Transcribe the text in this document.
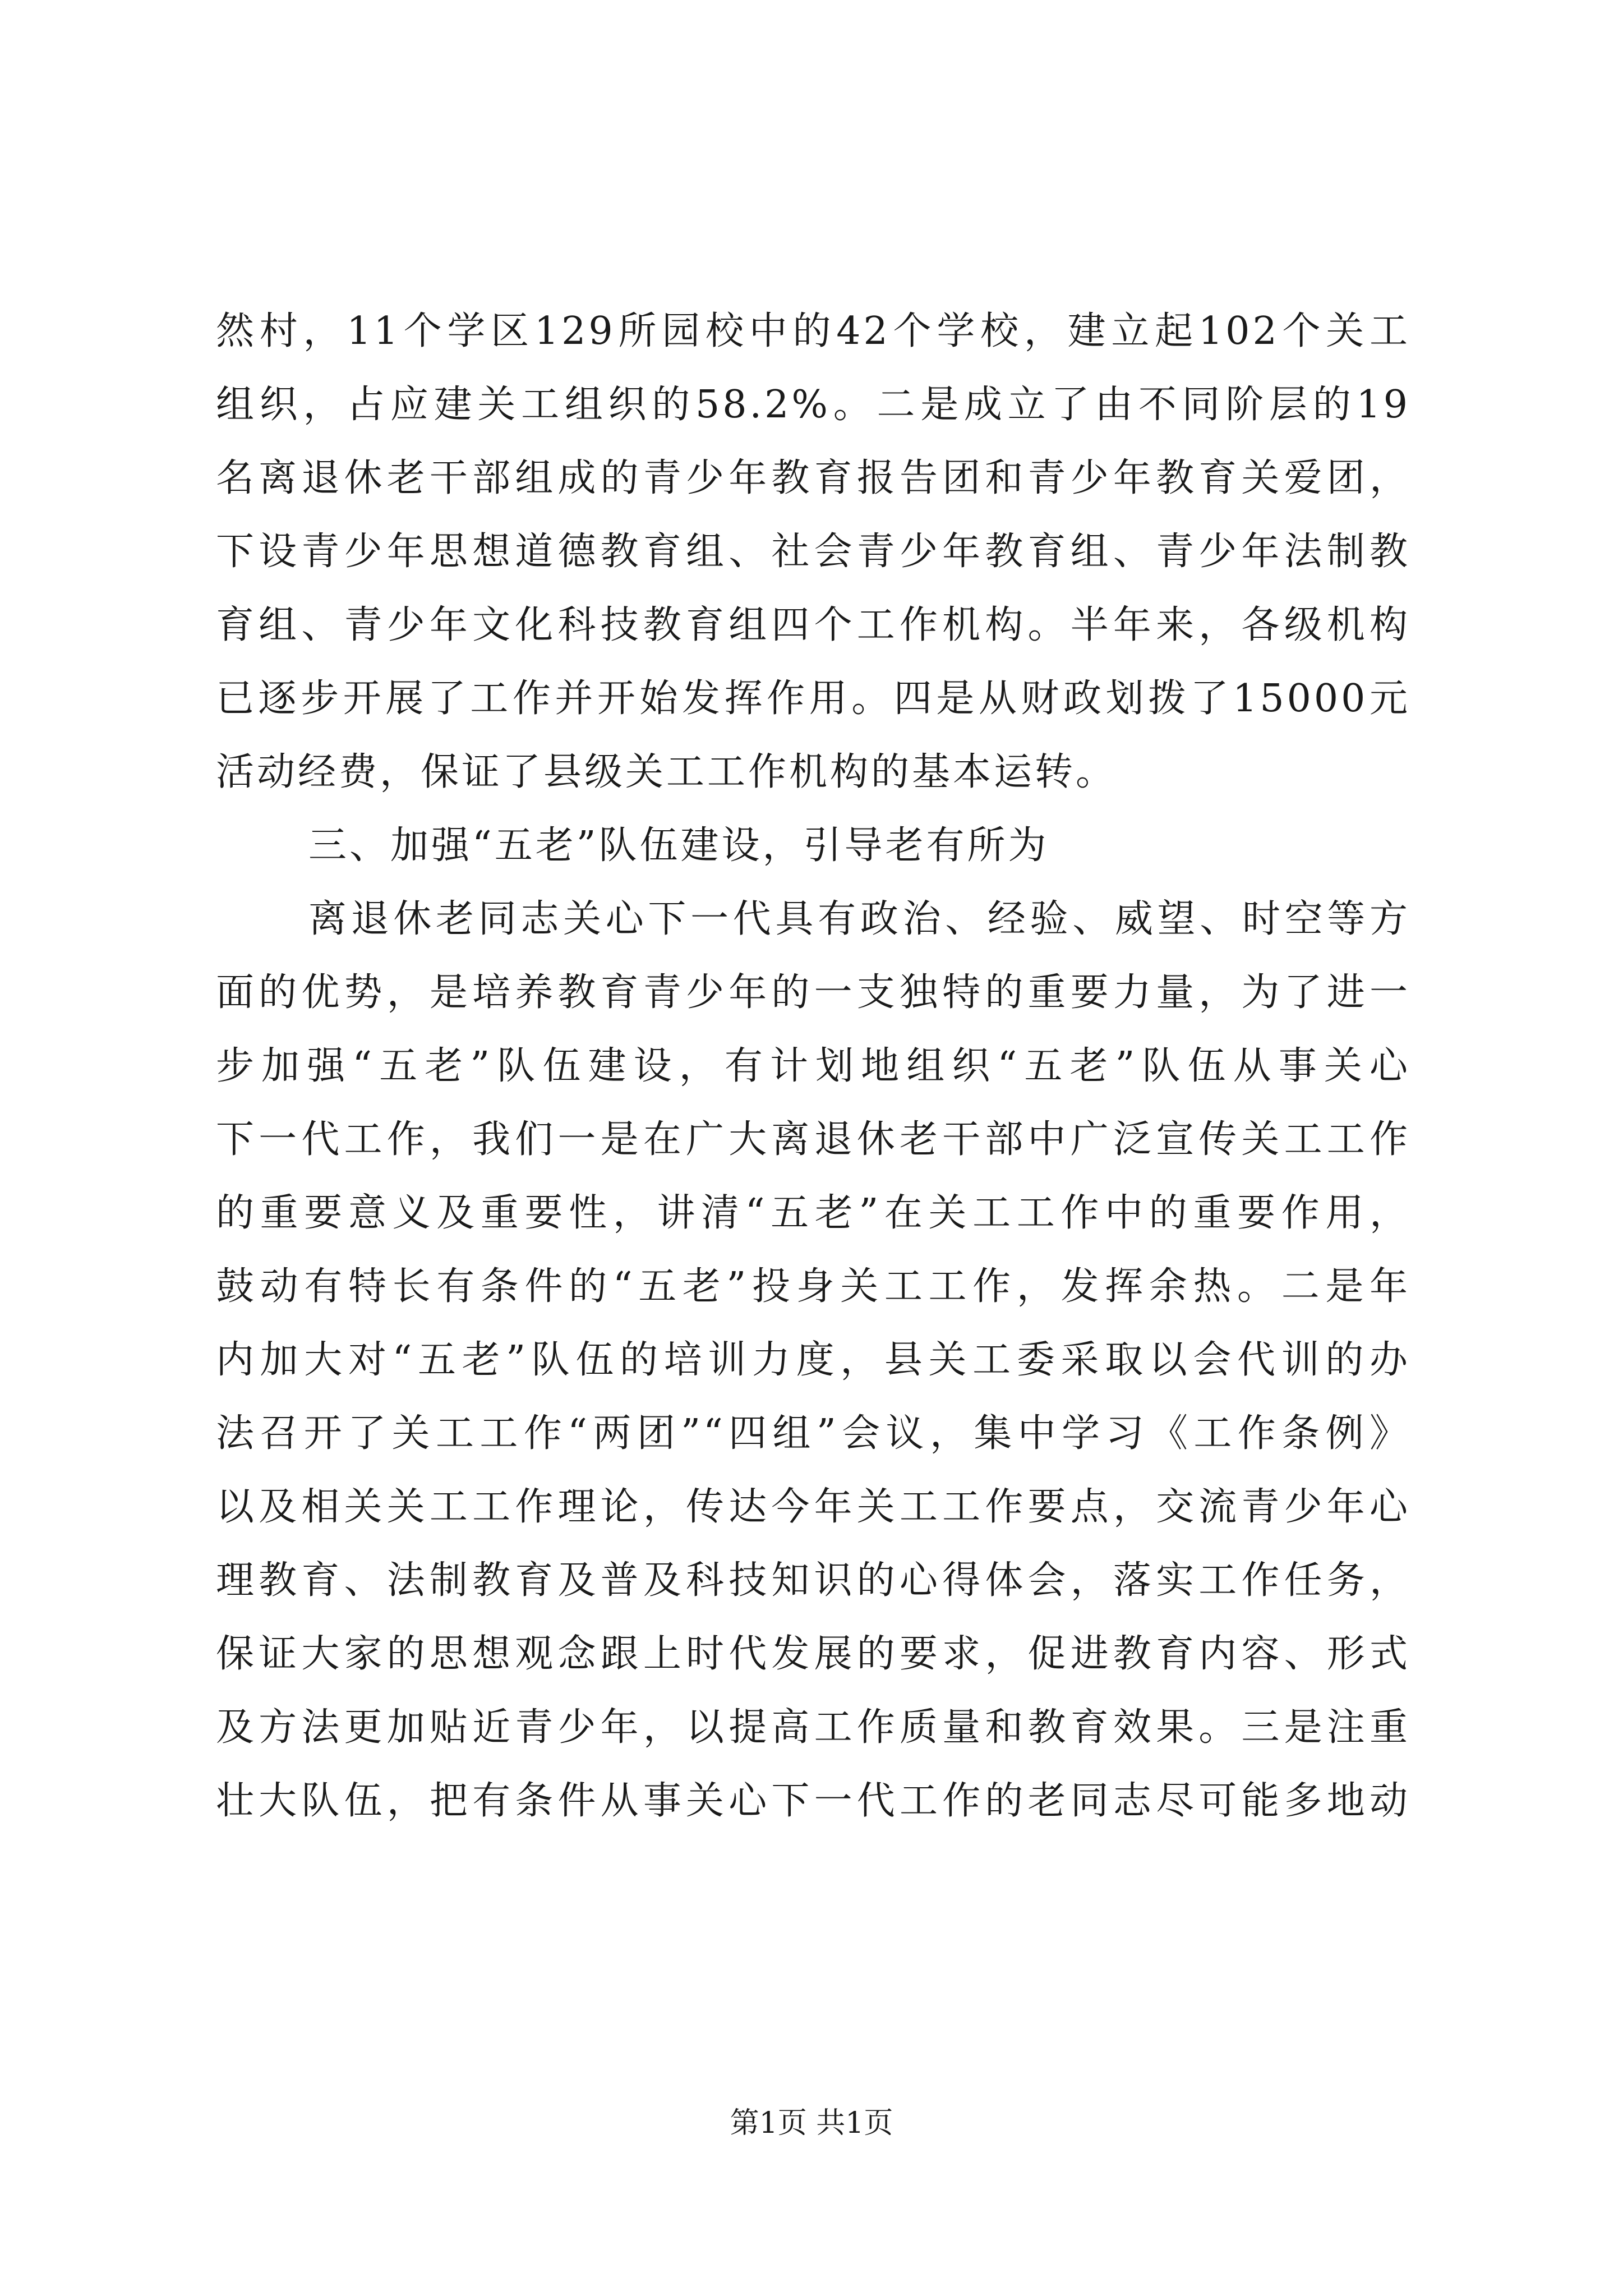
然村，11个学区129所园校中的42个学校，建立起102个关工
组织，占应建关工组织的58.2%。二是成立了由不同阶层的19
名离退休老干部组成的青少年教育报告团和青少年教育关爱团，
下设青少年思想道德教育组、社会青少年教育组、青少年法制教
育组、青少年文化科技教育组四个工作机构。半年来，各级机构
已逐步开展了工作并开始发挥作用。四是从财政划拨了15000元
活动经费，保证了县级关工工作机构的基本运转。
三、加强“五老”队伍建设，引导老有所为
离退休老同志关心下一代具有政治、经验、威望、时空等方
面的优势，是培养教育青少年的一支独特的重要力量，为了进一
步加强“五老”队伍建设，有计划地组织“五老”队伍从事关心
下一代工作，我们一是在广大离退休老干部中广泛宣传关工工作
的重要意义及重要性，讲清“五老”在关工工作中的重要作用，
鼓动有特长有条件的“五老”投身关工工作，发挥余热。二是年
内加大对“五老”队伍的培训力度，县关工委采取以会代训的办
法召开了关工工作“两团”“四组”会议，集中学习《工作条例》
以及相关关工工作理论，传达今年关工工作要点，交流青少年心
理教育、法制教育及普及科技知识的心得体会，落实工作任务，
保证大家的思想观念跟上时代发展的要求，促进教育内容、形式
及方法更加贴近青少年，以提高工作质量和教育效果。三是注重
壮大队伍，把有条件从事关心下一代工作的老同志尽可能多地动
第1页 共1页
